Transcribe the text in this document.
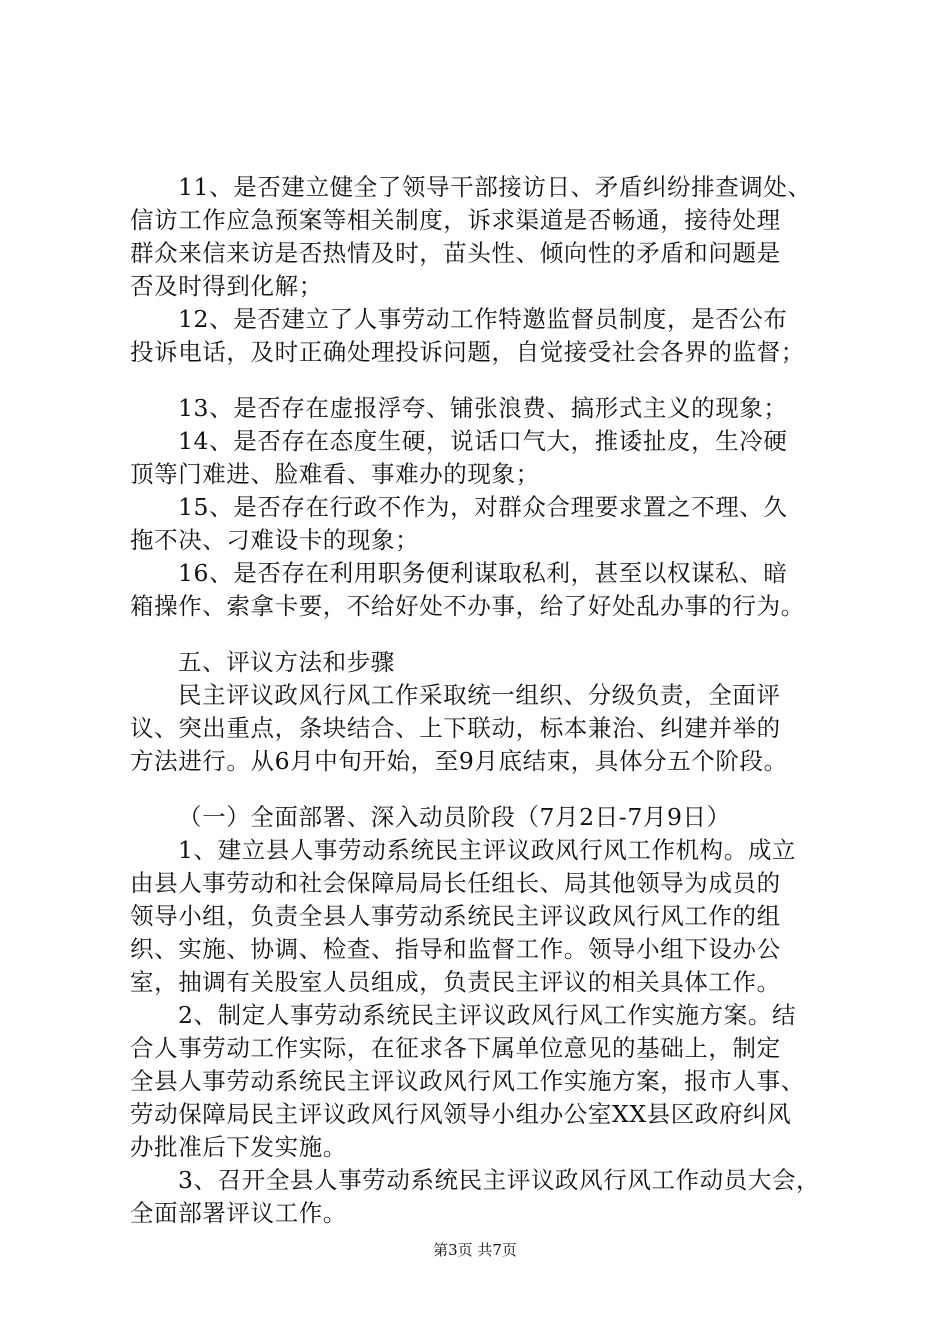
11、是否建立健全了领导干部接访日、矛盾纠纷排查调处、
信访工作应急预案等相关制度，诉求渠道是否畅通，接待处理
群众来信来访是否热情及时，苗头性、倾向性的矛盾和问题是
否及时得到化解；
12、是否建立了人事劳动工作特邀监督员制度，是否公布
投诉电话，及时正确处理投诉问题，自觉接受社会各界的监督；
13、是否存在虚报浮夸、铺张浪费、搞形式主义的现象；
14、是否存在态度生硬，说话口气大，推诿扯皮，生冷硬
顶等门难进、脸难看、事难办的现象；
15、是否存在行政不作为，对群众合理要求置之不理、久
拖不决、刁难设卡的现象；
16、是否存在利用职务便利谋取私利，甚至以权谋私、暗
箱操作、索拿卡要，不给好处不办事，给了好处乱办事的行为。
五、评议方法和步骤
民主评议政风行风工作采取统一组织、分级负责，全面评
议、突出重点，条块结合、上下联动，标本兼治、纠建并举的
方法进行。从6月中旬开始，至9月底结束，具体分五个阶段。
（一）全面部署、深入动员阶段（7月2日-7月9日）
1、建立县人事劳动系统民主评议政风行风工作机构。成立
由县人事劳动和社会保障局局长任组长、局其他领导为成员的
领导小组，负责全县人事劳动系统民主评议政风行风工作的组
织、实施、协调、检查、指导和监督工作。领导小组下设办公
室，抽调有关股室人员组成，负责民主评议的相关具体工作。
2、制定人事劳动系统民主评议政风行风工作实施方案。结
合人事劳动工作实际，在征求各下属单位意见的基础上，制定
全县人事劳动系统民主评议政风行风工作实施方案，报市人事、
劳动保障局民主评议政风行风领导小组办公室XX县区政府纠风
办批准后下发实施。
3、召开全县人事劳动系统民主评议政风行风工作动员大会，
全面部署评议工作。
第3页 共7页
